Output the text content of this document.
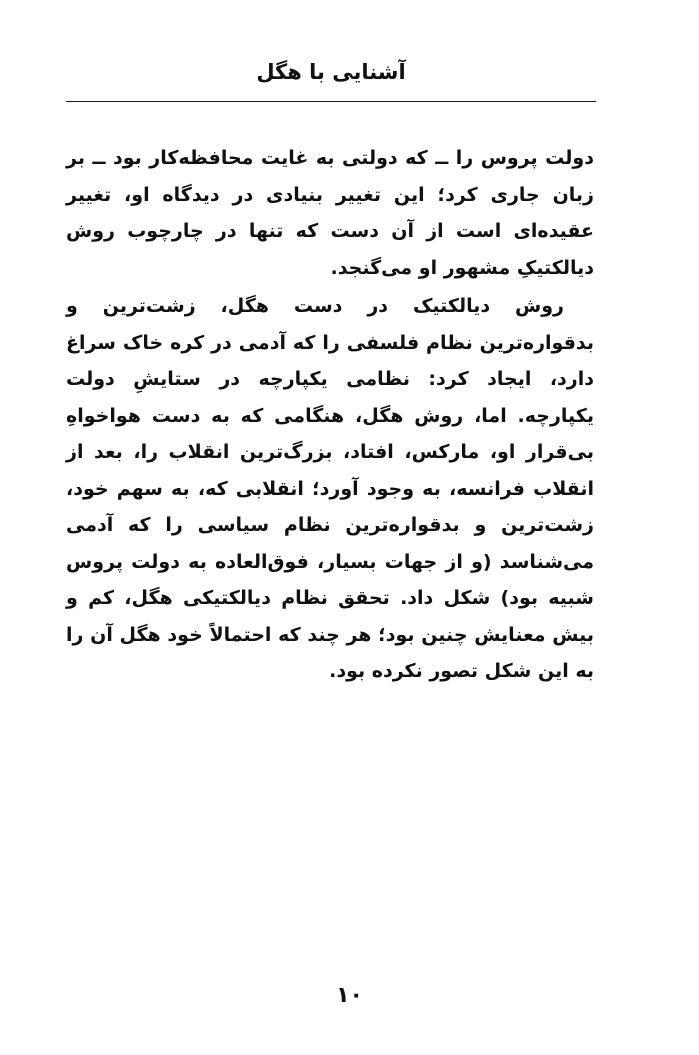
آشنایی با هگل

دولت پروس را ــ که دولتی به غایت محافظه‌کار بود ــ بر زبان جاری کرد؛ این تغییر بنیادی در دیدگاه او، تغییر عقیده‌ای است از آن دست که تنها در چارچوب روش دیالکتیکِ مشهور او می‌گنجد.

روش دیالکتیک در دست هگل، زشت‌ترین و بدقواره‌ترین نظام فلسفی را که آدمی در کره خاک سراغ دارد، ایجاد کرد: نظامی یکپارچه در ستایشِ دولت یکپارچه. اما، روش هگل، هنگامی که به دست هواخواهِ بی‌قرار او، مارکس، افتاد، بزرگ‌ترین انقلاب را، بعد از انقلاب فرانسه، به وجود آورد؛ انقلابی که، به سهم خود، زشت‌ترین و بدقواره‌ترین نظام سیاسی را که آدمی می‌شناسد (و از جهات بسیار، فوق‌العاده به دولت پروس شبیه بود) شکل داد. تحقق نظام دیالکتیکی هگل، کم و بیش معنایش چنین بود؛ هر چند که احتمالاً خود هگل آن را به این شکل تصور نکرده بود.

۱۰
